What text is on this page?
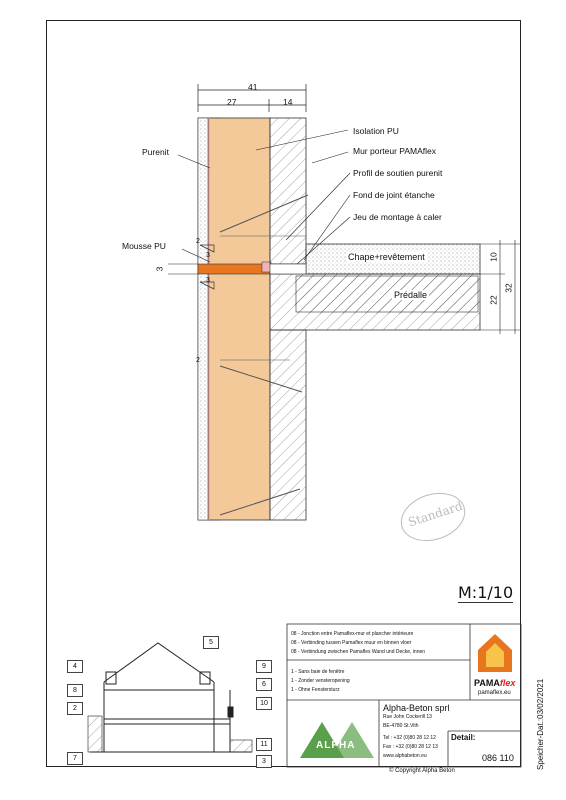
41
27	14
10
22
32
3
2
3
3
2
Purenit
Mousse PU
Isolation PU
Mur porteur PAMAflex
Profil de soutien purenit
Fond de joint étanche
Jeu de montage à caler
Chape+revêtement
Prédalle
Standard
M:1/10
5
4	9
8
6
2
10
11
7	3
08 - Jonction entre Pamaflex-mur et plancher intérieure
08 - Verbinding tussen Pamaflex muur en binnen vloer
08 - Verbindung zwischen Pamaflex Wand und Decke, innen
1 - Sans baie de fenêtre
1 - Zonder vensteropening
1 - Ohne Fenstersturz
Alpha-Beton sprl
Rue John Cockerill 13
BE-4780 St.Vith
Tel : +32 (0)80 28 12 12
Fax : +32 (0)80 28 12 13
www.alphabeton.eu
ALPHA
PAMAflex
pamaflex.eu
Detail:
086 110	Speicher-Dat.:03/02/2021
© Copyright Alpha Beton
